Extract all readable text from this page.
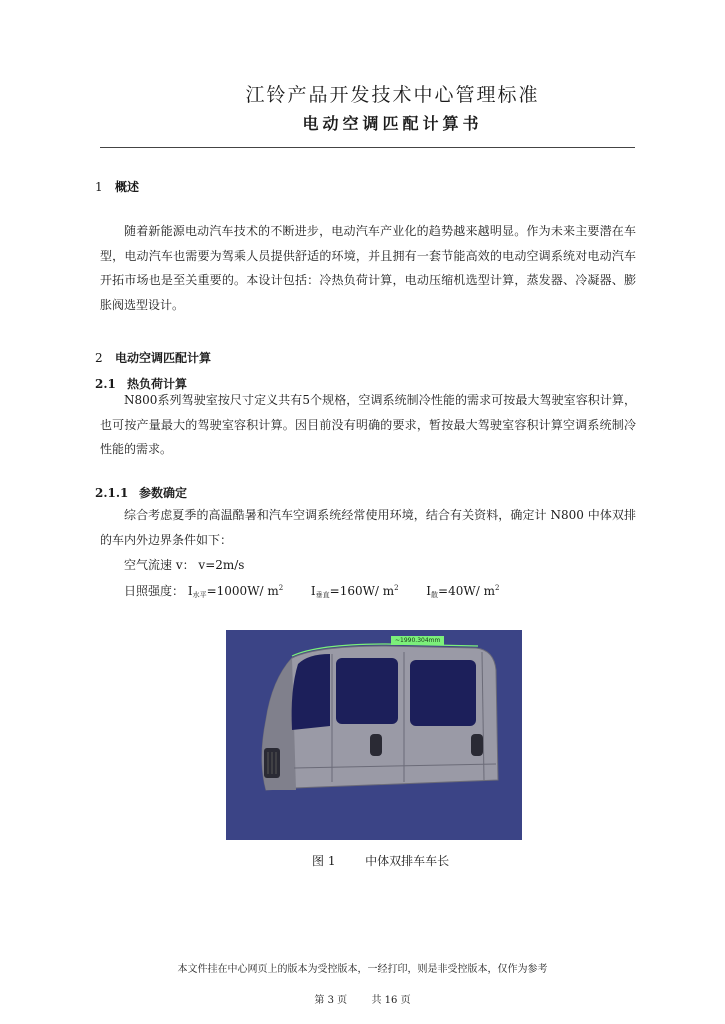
江铃产品开发技术中心管理标准
电动空调匹配计算书
1 概述
随着新能源电动汽车技术的不断进步，电动汽车产业化的趋势越来越明显。作为未来主要潜在车型，电动汽车也需要为驾乘人员提供舒适的环境，并且拥有一套节能高效的电动空调系统对电动汽车开拓市场也是至关重要的。本设计包括：冷热负荷计算，电动压缩机选型计算，蒸发器、冷凝器、膨胀阀选型设计。
2 电动空调匹配计算
2.1 热负荷计算
N800系列驾驶室按尺寸定义共有5个规格，空调系统制冷性能的需求可按最大驾驶室容积计算，也可按产量最大的驾驶室容积计算。因目前没有明确的要求，暂按最大驾驶室容积计算空调系统制冷性能的需求。
2.1.1 参数确定
综合考虑夏季的高温酷暑和汽车空调系统经常使用环境，结合有关资料，确定计 N800 中体双排的车内外边界条件如下：
空气流速 v： v=2m/s
日照强度： I水平=1000W/ $m^2$ I垂直=160W/ $m^2$ I散=40W/ $m^2$
~1990.304mm
图 1 中体双排车车长
本文件挂在中心网页上的版本为受控版本，一经打印，则是非受控版本，仅作为参考
第 3 页 共 16 页
